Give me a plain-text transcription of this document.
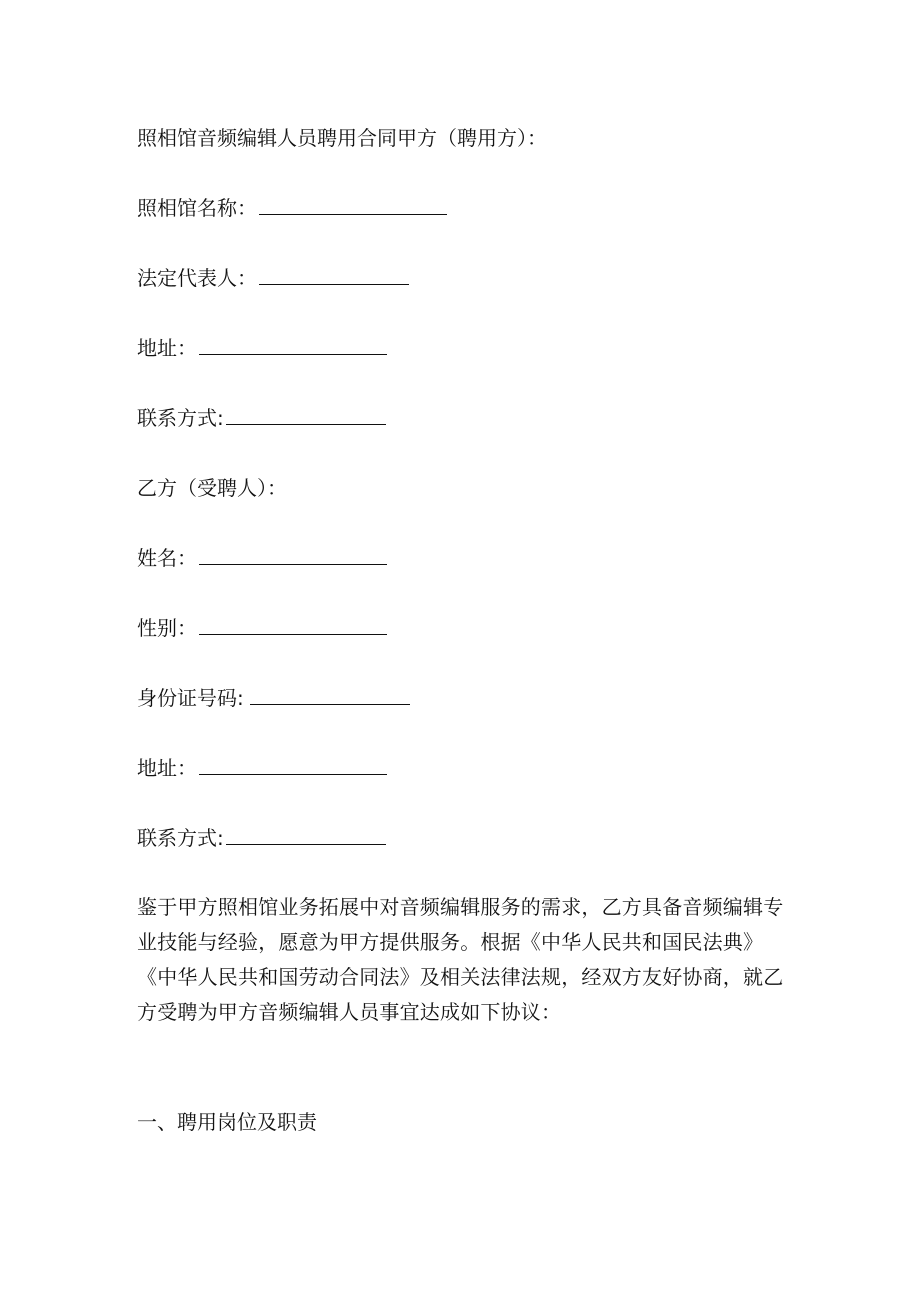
照相馆音频编辑人员聘用合同甲方（聘用方）：
照相馆名称：
法定代表人：
地址：
联系方式:
乙方（受聘人）：
姓名：
性别：
身份证号码:
地址：
联系方式:
鉴于甲方照相馆业务拓展中对音频编辑服务的需求，乙方具备音频编辑专业技能与经验，愿意为甲方提供服务。根据《中华人民共和国民法典》《中华人民共和国劳动合同法》及相关法律法规，经双方友好协商，就乙方受聘为甲方音频编辑人员事宜达成如下协议：
一、聘用岗位及职责
